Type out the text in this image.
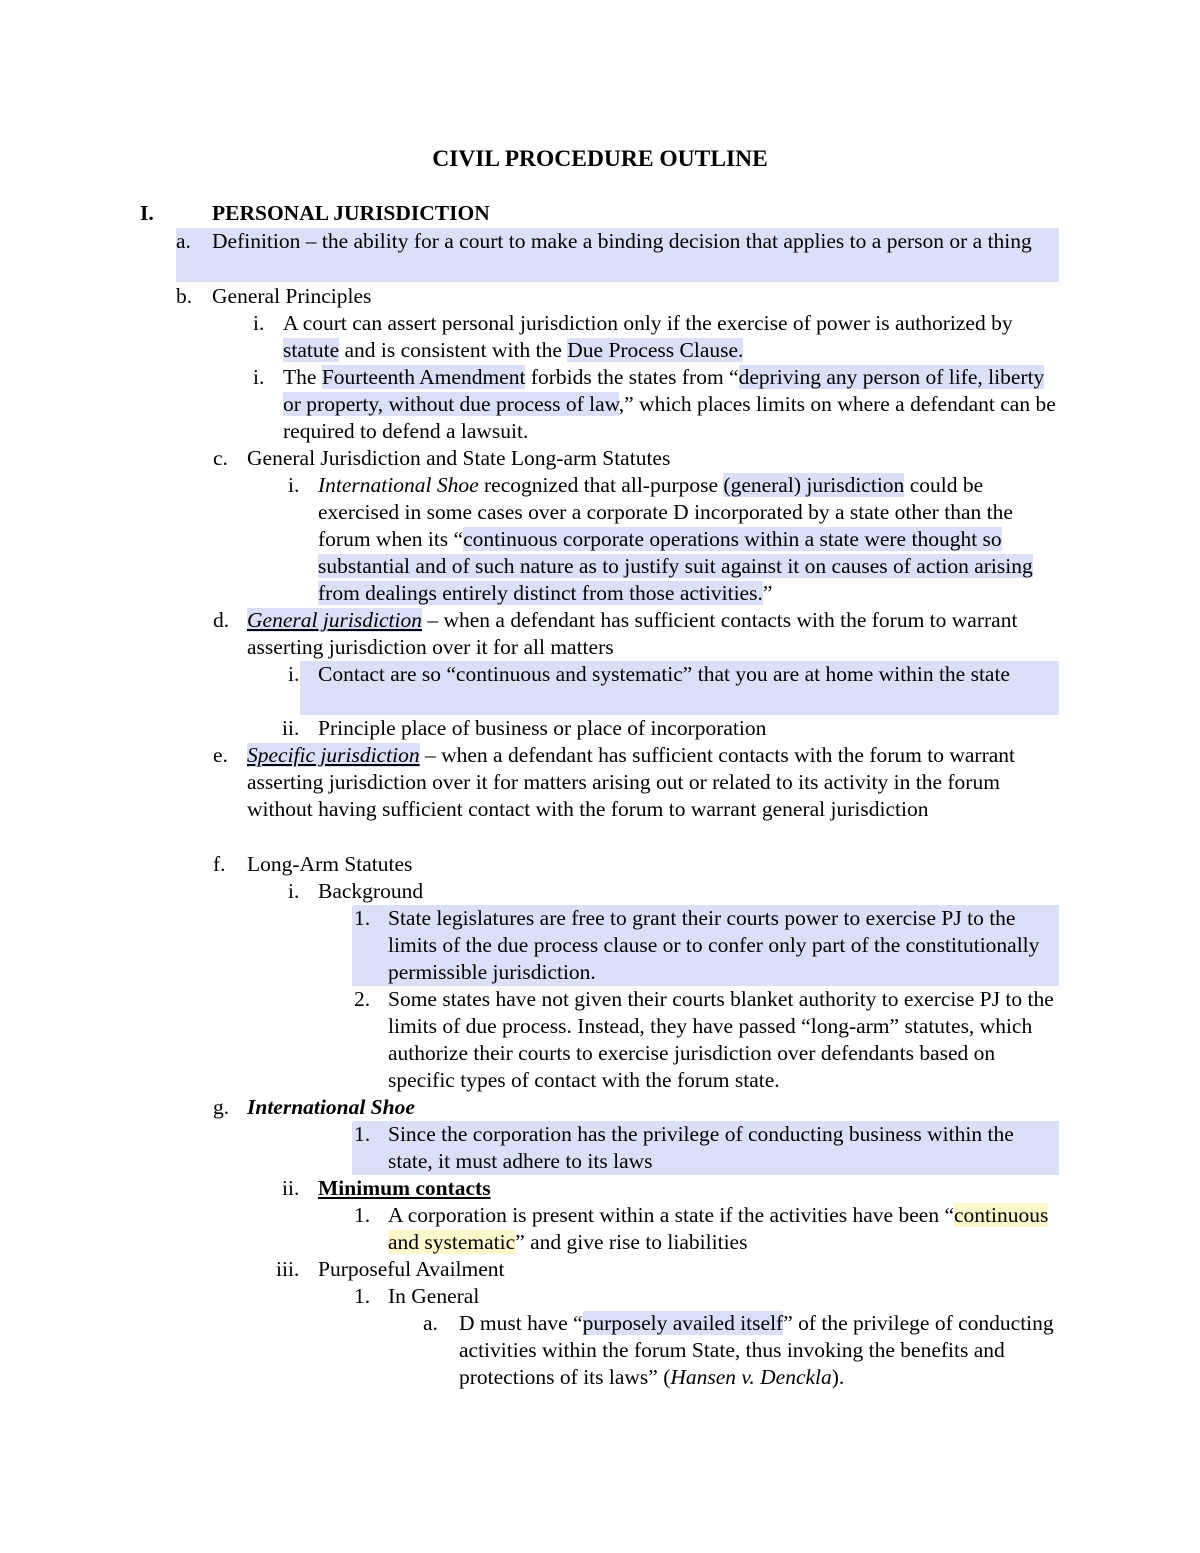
CIVIL PROCEDURE OUTLINE
I.	PERSONAL JURISDICTION
a. Definition – the ability for a court to make a binding decision that applies to a person or a thing
b. General Principles
i. A court can assert personal jurisdiction only if the exercise of power is authorized by statute and is consistent with the Due Process Clause.
i. The Fourteenth Amendment forbids the states from “depriving any person of life, liberty or property, without due process of law,” which places limits on where a defendant can be required to defend a lawsuit.
c. General Jurisdiction and State Long-arm Statutes
i. International Shoe recognized that all-purpose (general) jurisdiction could be exercised in some cases over a corporate D incorporated by a state other than the forum when its “continuous corporate operations within a state were thought so substantial and of such nature as to justify suit against it on causes of action arising from dealings entirely distinct from those activities.”
d. General jurisdiction – when a defendant has sufficient contacts with the forum to warrant asserting jurisdiction over it for all matters
i. Contact are so “continuous and systematic” that you are at home within the state
ii. Principle place of business or place of incorporation
e. Specific jurisdiction – when a defendant has sufficient contacts with the forum to warrant asserting jurisdiction over it for matters arising out or related to its activity in the forum without having sufficient contact with the forum to warrant general jurisdiction
f. Long-Arm Statutes
i. Background
1. State legislatures are free to grant their courts power to exercise PJ to the limits of the due process clause or to confer only part of the constitutionally permissible jurisdiction.
2. Some states have not given their courts blanket authority to exercise PJ to the limits of due process. Instead, they have passed “long-arm” statutes, which authorize their courts to exercise jurisdiction over defendants based on specific types of contact with the forum state.
g. International Shoe
1. Since the corporation has the privilege of conducting business within the state, it must adhere to its laws
ii. Minimum contacts
1. A corporation is present within a state if the activities have been “continuous and systematic” and give rise to liabilities
iii. Purposeful Availment
1. In General
a. D must have “purposely availed itself” of the privilege of conducting activities within the forum State, thus invoking the benefits and protections of its laws” (Hansen v. Denckla).
